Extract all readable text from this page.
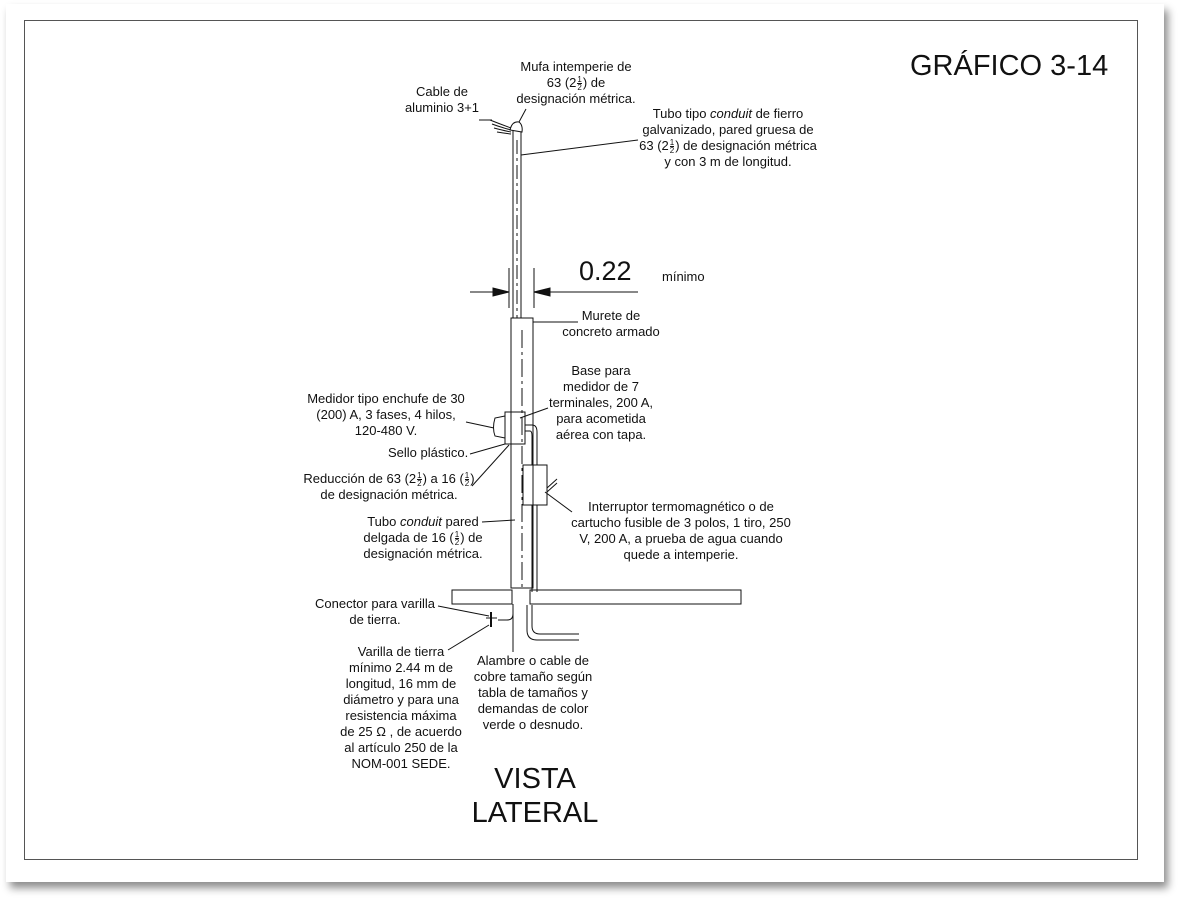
GRÁFICO 3-14
0.22 mínimo
VISTA
LATERAL
Cable de
aluminio 3+1
Mufa intemperie de
63 ($2 \frac{1}{2}$ ) de
designación métrica.
Tubo tipo conduit de fierro
galvanizado, pared gruesa de
63 ($2 \frac{1}{2}$ ) de designación métrica
y con 3 m de longitud.
Murete de
concreto armado
Base para
medidor de 7
terminales, 200 A,
para acometida
aérea con tapa.
Medidor tipo enchufe de 30
(200) A, 3 fases, 4 hilos,
120-480 V.
Sello plástico.
Reducción de 63 ($2 \frac{1}{2}$ ) a 16 ( $\frac{1}{2}$ )
de designación métrica.
Interruptor termomagnético o de
cartucho fusible de 3 polos, 1 tiro, 250
V, 200 A, a prueba de agua cuando
quede a intemperie.
Tubo conduit pared
delgada de 16 ( $\frac{1}{2}$ ) de
designación métrica.
Conector para varilla
de tierra.
Varilla de tierra
mínimo 2.44 m de
longitud, 16 mm de
diámetro y para una
resistencia máxima
de 25 Ω , de acuerdo
al artículo 250 de la
NOM-001 SEDE.
Alambre o cable de
cobre tamaño según
tabla de tamaños y
demandas de color
verde o desnudo.
